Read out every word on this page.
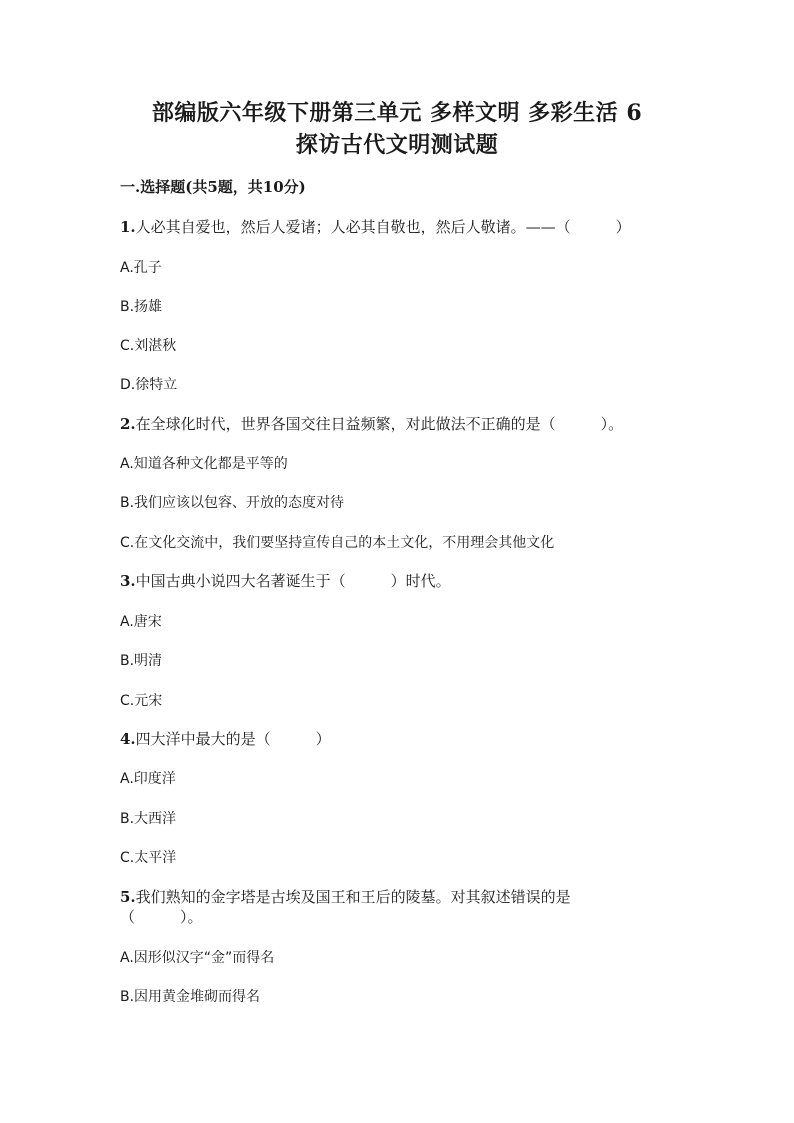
部编版六年级下册第三单元 多样文明 多彩生活 6
探访古代文明测试题

一.选择题(共5题，共10分)

1.人必其自爱也，然后人爱诸；人必其自敬也，然后人敬诸。——（　　　）

A.孔子

B.扬雄

C.刘湛秋

D.徐特立

2.在全球化时代，世界各国交往日益频繁，对此做法不正确的是（　　　）。

A.知道各种文化都是平等的

B.我们应该以包容、开放的态度对待

C.在文化交流中，我们要坚持宣传自己的本土文化，不用理会其他文化

3.中国古典小说四大名著诞生于（　　　）时代。

A.唐宋

B.明清

C.元宋

4.四大洋中最大的是（　　　）

A.印度洋

B.大西洋

C.太平洋

5.我们熟知的金字塔是古埃及国王和王后的陵墓。对其叙述错误的是（　　　）。

A.因形似汉字“金”而得名

B.因用黄金堆砌而得名
